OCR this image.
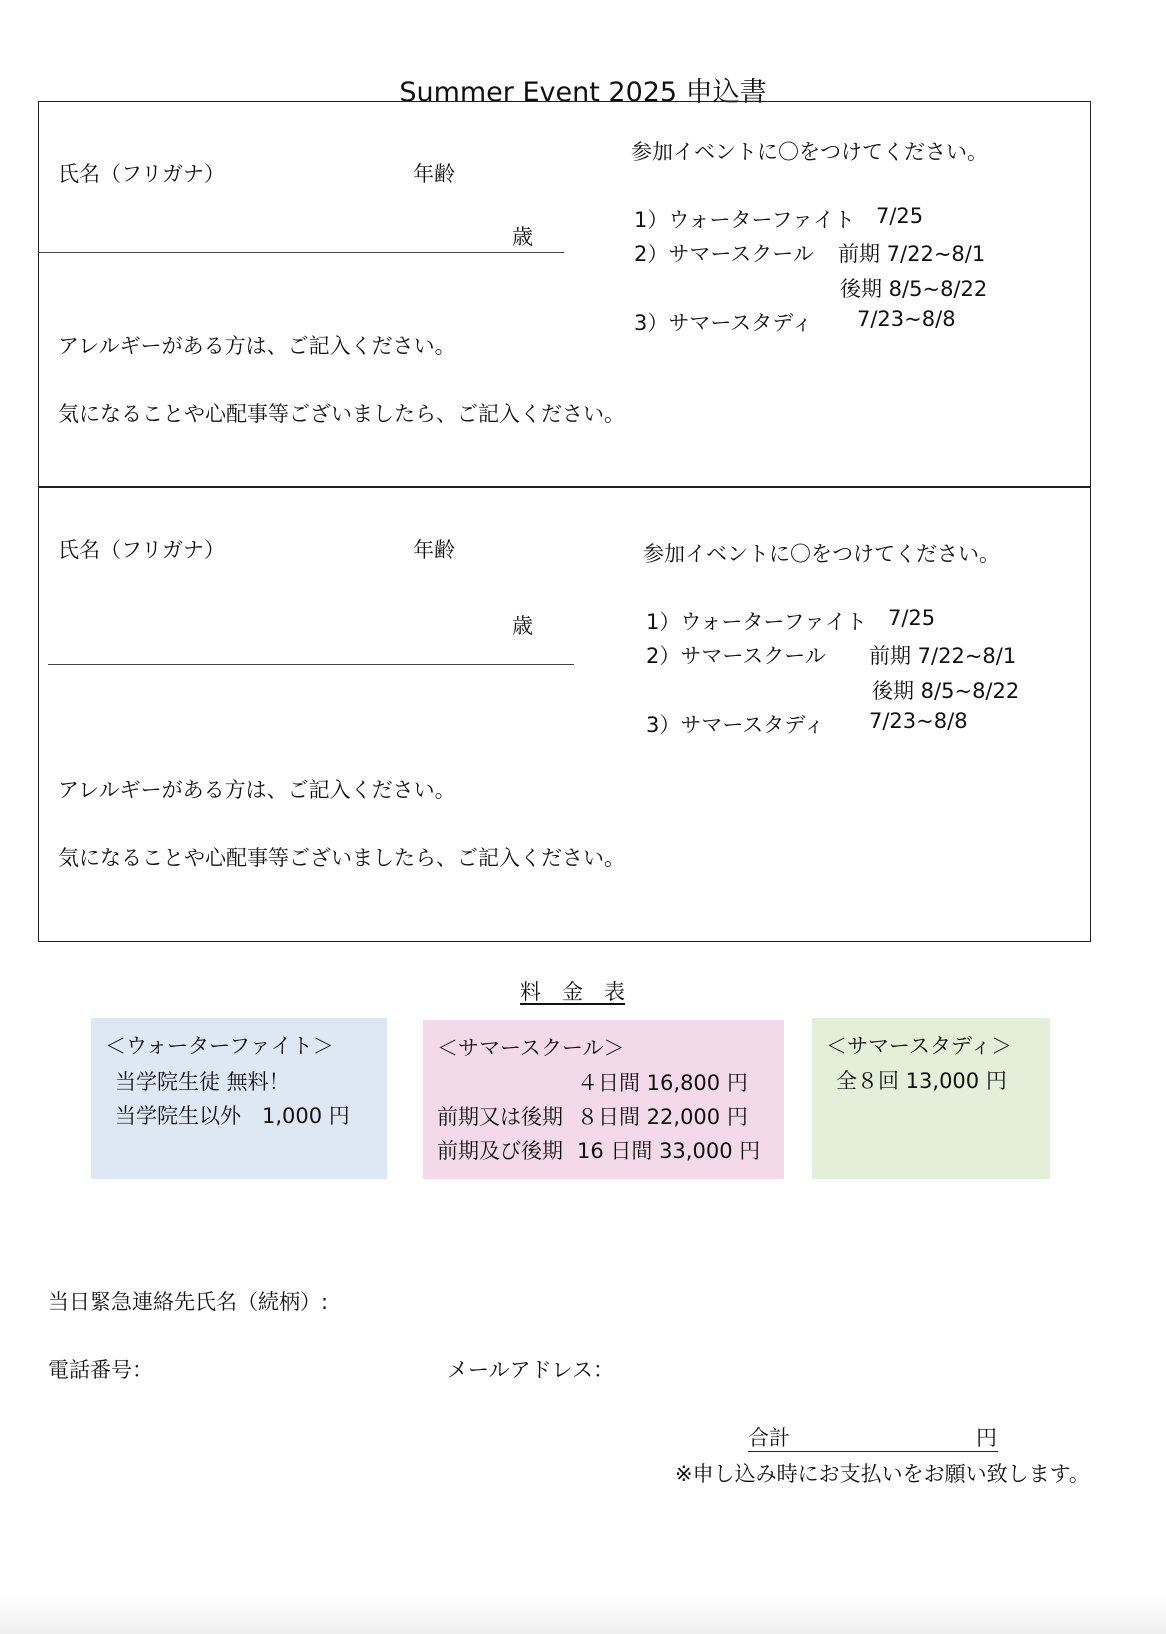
Summer Event 2025 申込書
氏名（フリガナ）	年齢
歳
アレルギーがある方は、ご記入ください。
気になることや心配事等ございましたら、ご記入ください。
参加イベントに〇をつけてください。
1）ウォーターファイト 7/25
2）サマースクール 前期 7/22~8/1
後期 8/5~8/22
3）サマースタディ 7/23~8/8
氏名（フリガナ）	年齢
歳
アレルギーがある方は、ご記入ください。
気になることや心配事等ございましたら、ご記入ください。
参加イベントに〇をつけてください。
1）ウォーターファイト 7/25
2）サマースクール 前期 7/22~8/1
後期 8/5~8/22
3）サマースタディ 7/23~8/8
料　金　表
＜ウォーターファイト＞
当学院生徒 無料！
当学院生以外　1,000 円
＜サマースクール＞
４日間 16,800 円
前期又は後期 ８日間 22,000 円
前期及び後期 16 日間 33,000 円
＜サマースタディ＞
全８回 13,000 円
当日緊急連絡先氏名（続柄）:
電話番号：	メールアドレス：
合計	円
※申し込み時にお支払いをお願い致します。
